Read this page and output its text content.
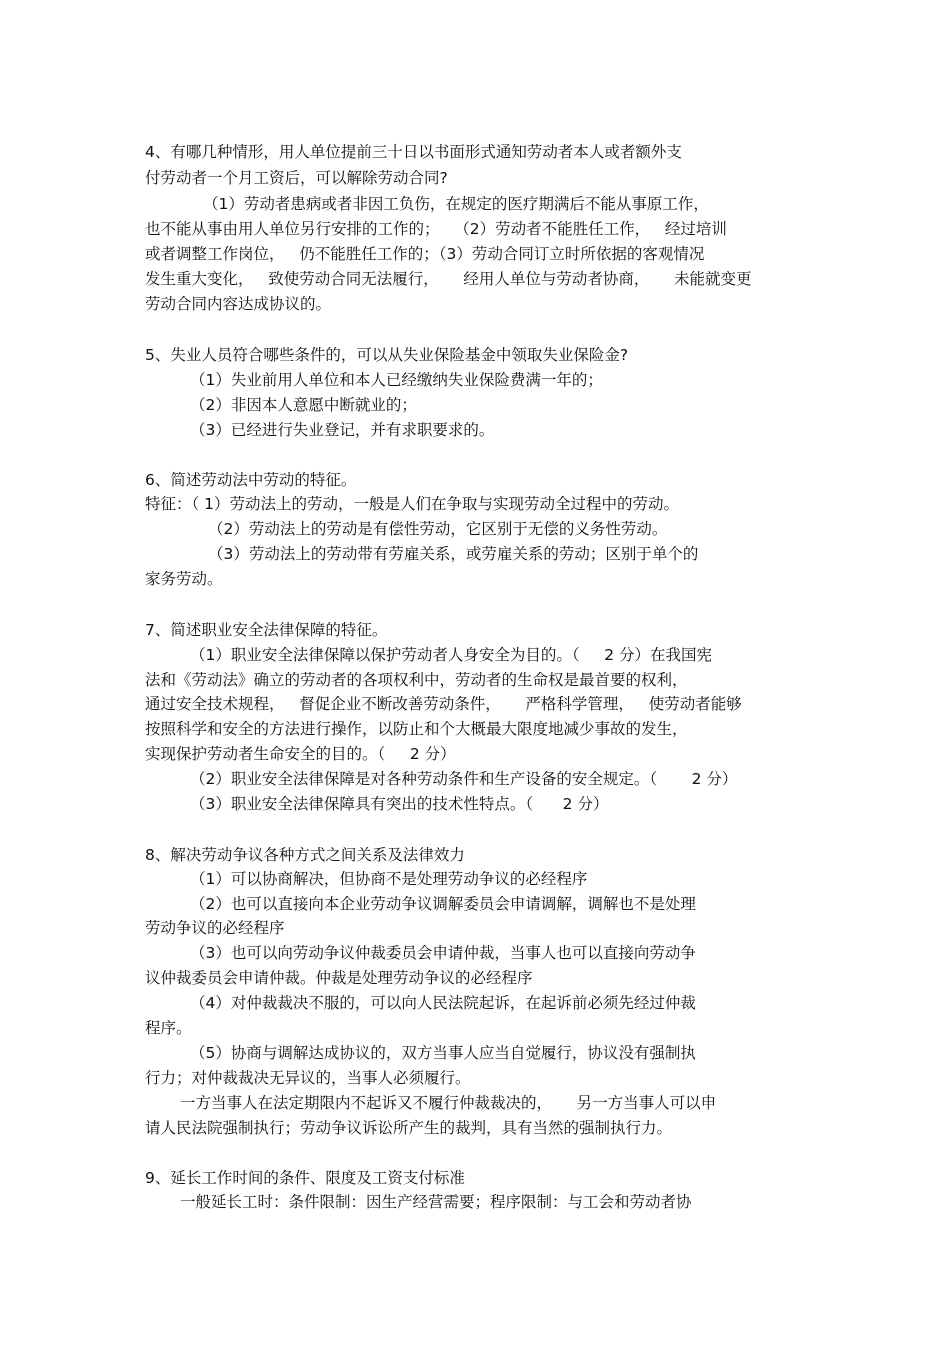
4、有哪几种情形，用人单位提前三十日以书面形式通知劳动者本人或者额外支
付劳动者一个月工资后，可以解除劳动合同?
（1）劳动者患病或者非因工负伤，在规定的医疗期满后不能从事原工作，
也不能从事由用人单位另行安排的工作的；   （2）劳动者不能胜任工作，   经过培训
或者调整工作岗位，   仍不能胜任工作的；（3）劳动合同订立时所依据的客观情况
发生重大变化，   致使劳动合同无法履行，     经用人单位与劳动者协商，     未能就变更
劳动合同内容达成协议的。
5、失业人员符合哪些条件的，可以从失业保险基金中领取失业保险金?
（1）失业前用人单位和本人已经缴纳失业保险费满一年的；
（2）非因本人意愿中断就业的；
（3）已经进行失业登记，并有求职要求的。
6、简述劳动法中劳动的特征。
特征：（ 1）劳动法上的劳动，一般是人们在争取与实现劳动全过程中的劳动。
（2）劳动法上的劳动是有偿性劳动，它区别于无偿的义务性劳动。
（3）劳动法上的劳动带有劳雇关系，或劳雇关系的劳动；区别于单个的
家务劳动。
7、简述职业安全法律保障的特征。
（1）职业安全法律保障以保护劳动者人身安全为目的。（     2 分）在我国宪
法和《劳动法》确立的劳动者的各项权利中，劳动者的生命权是最首要的权利，
通过安全技术规程，   督促企业不断改善劳动条件，     严格科学管理，   使劳动者能够
按照科学和安全的方法进行操作，以防止和个大概最大限度地减少事故的发生，
实现保护劳动者生命安全的目的。（     2 分）
（2）职业安全法律保障是对各种劳动条件和生产设备的安全规定。（       2 分）
（3）职业安全法律保障具有突出的技术性特点。（      2 分）
8、解决劳动争议各种方式之间关系及法律效力
（1）可以协商解决，但协商不是处理劳动争议的必经程序
（2）也可以直接向本企业劳动争议调解委员会申请调解，调解也不是处理
劳动争议的必经程序
（3）也可以向劳动争议仲裁委员会申请仲裁，当事人也可以直接向劳动争
议仲裁委员会申请仲裁。仲裁是处理劳动争议的必经程序
（4）对仲裁裁决不服的，可以向人民法院起诉，在起诉前必须先经过仲裁
程序。
（5）协商与调解达成协议的，双方当事人应当自觉履行，协议没有强制执
行力；对仲裁裁决无异议的，当事人必须履行。
一方当事人在法定期限内不起诉又不履行仲裁裁决的，     另一方当事人可以申
请人民法院强制执行；劳动争议诉讼所产生的裁判，具有当然的强制执行力。
9、延长工作时间的条件、限度及工资支付标准
一般延长工时：条件限制：因生产经营需要；程序限制：与工会和劳动者协
